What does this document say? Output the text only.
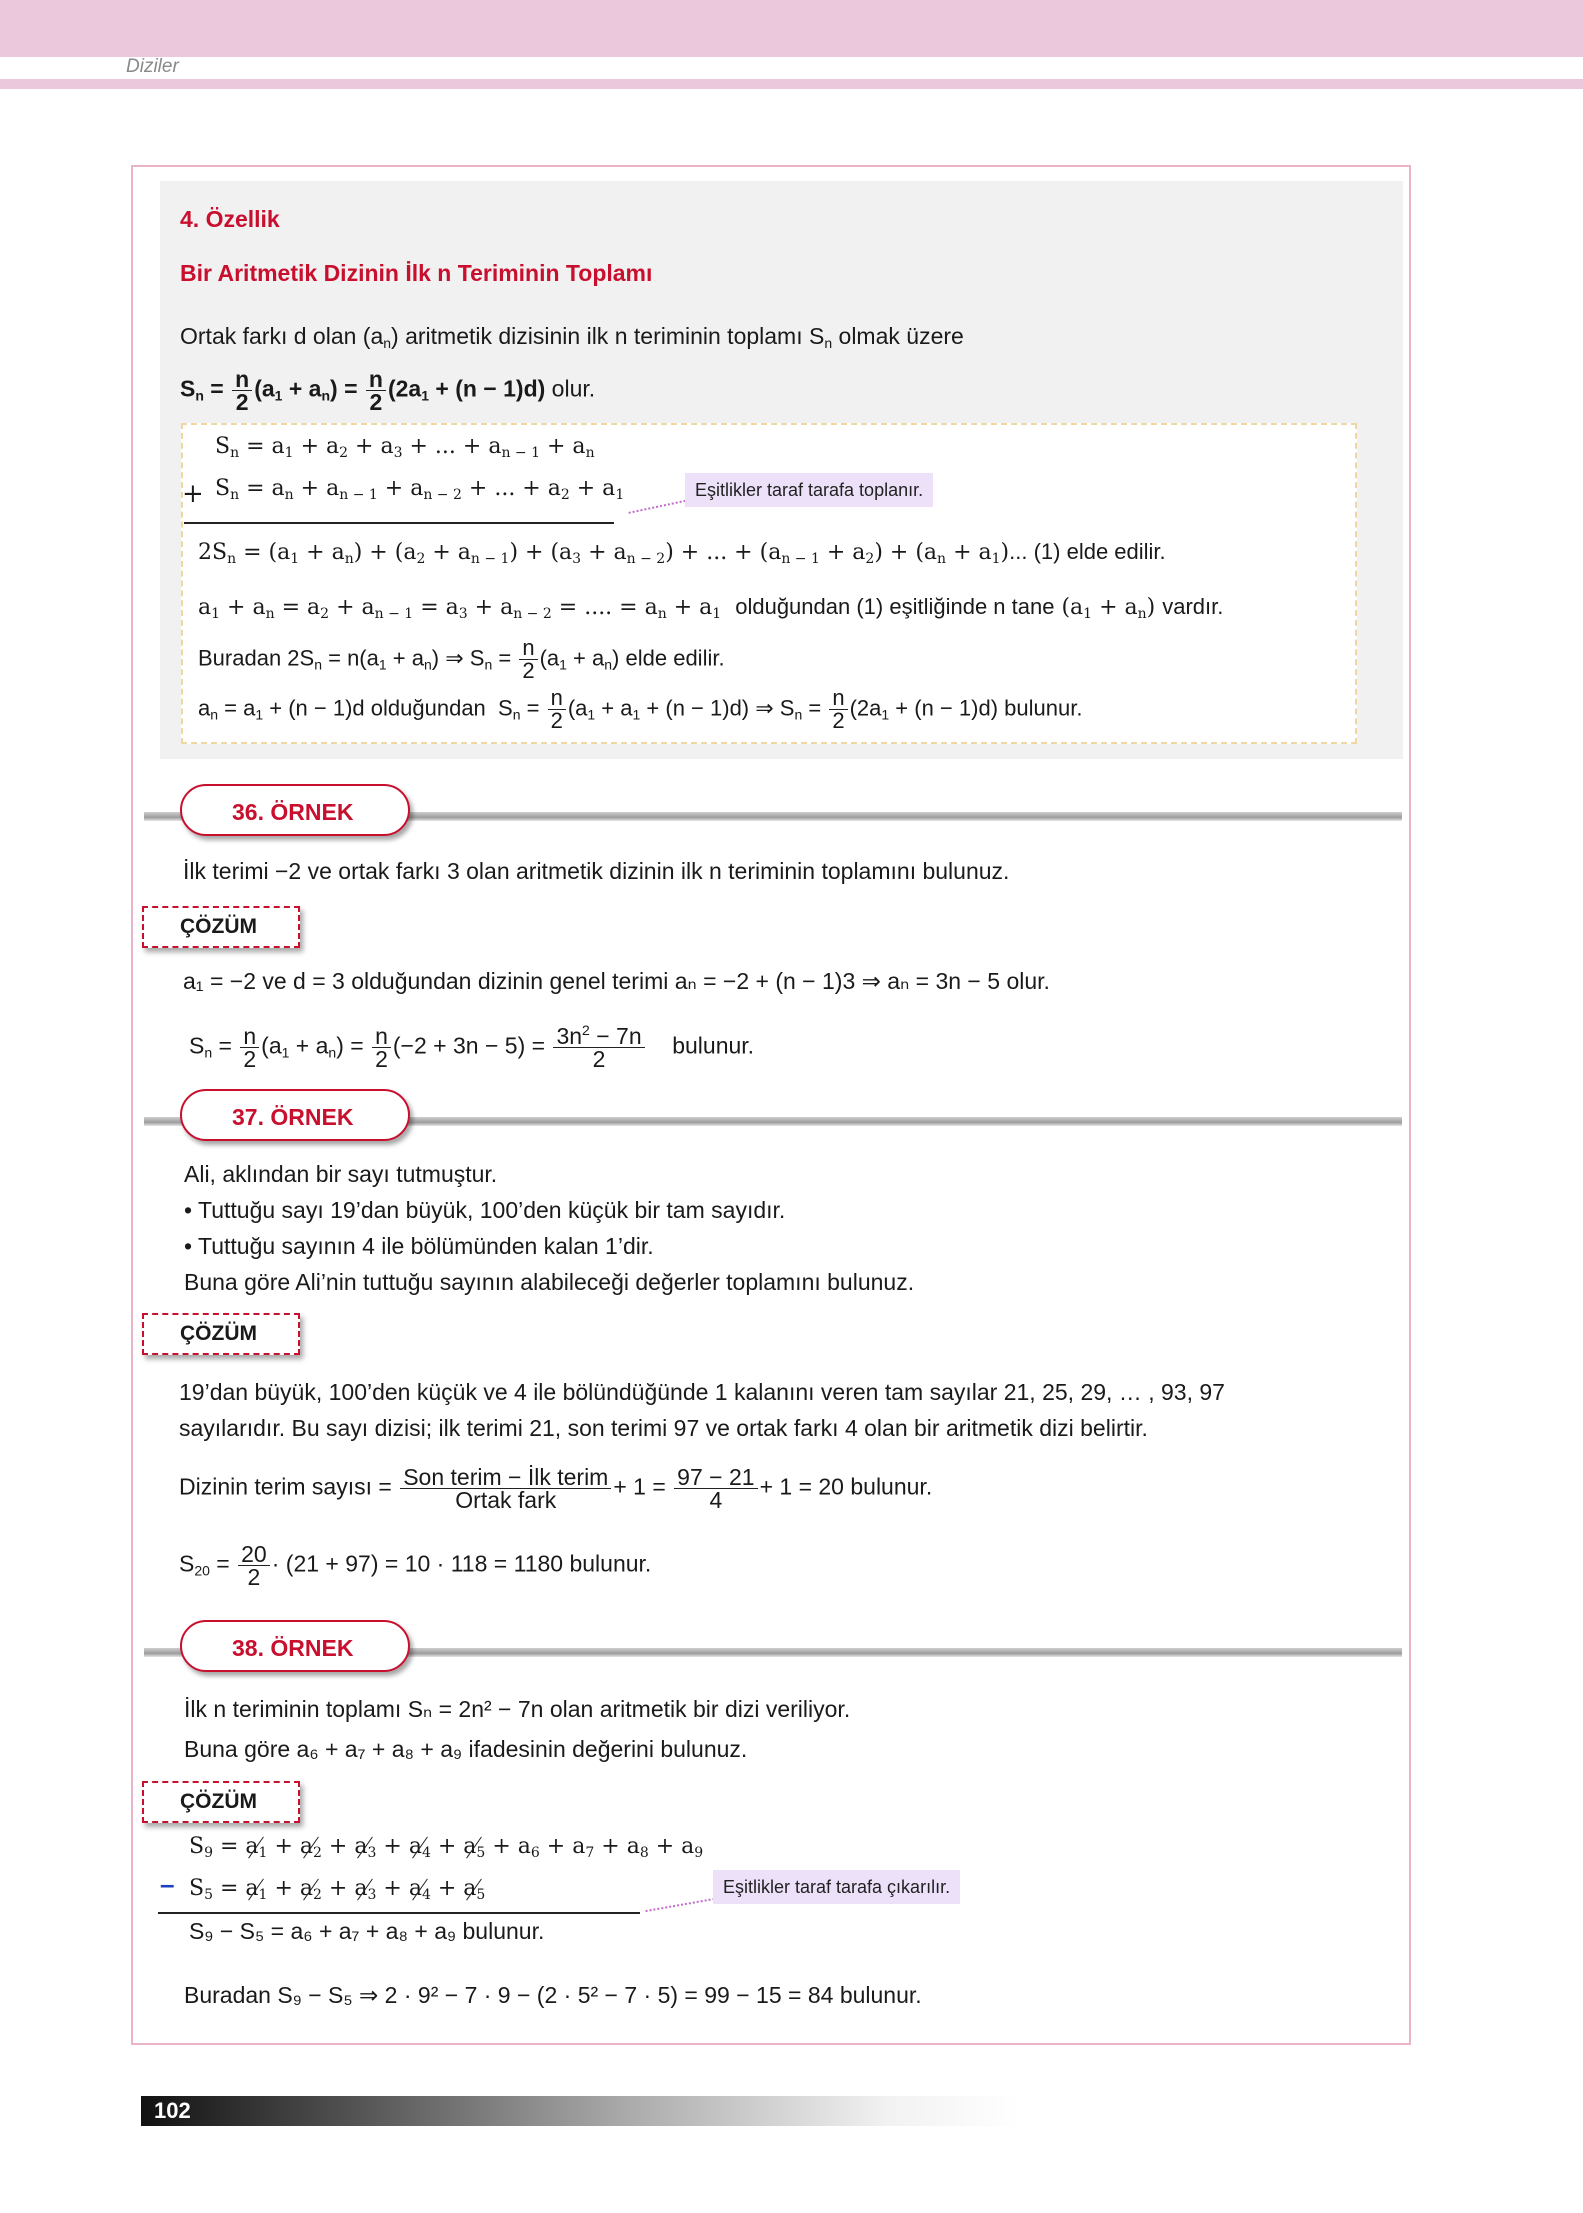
Diziler
4. Özellik
Bir Aritmetik Dizinin İlk n Teriminin Toplamı
Ortak farkı d olan $(a_n)$ aritmetik dizisinin ilk n teriminin toplamı $S_n$ olmak üzere
$S_n = \frac{n}{2} (a_1 + a_n) = \frac{n}{2} (2a_1 + (n - 1)d)$ olur.
$S_n = a_1 + a_2 + a_3$ + ... + $a_{n - 1} + a_n$
+ $S_n = a_n + a_{n - 1} + a_{n - 2}$ + ... + $a_2 + a_1$	Eşitlikler taraf tarafa toplanır.
$2S_n = (a_1 + a_n) + (a_2 + a_{n - 1}) + (a_3 + a_{n - 2})$ + ... + $(a_{n - 1} + a_2) + (a_n + a_1)$... (1) elde edilir.
$a_1 + a_n = a_2 + a_{n - 1} = a_3 + a_{n - 2}$ = .... = $a_n + a_1$ olduğundan (1) eşitliğinde n tane $(a_1 + a_n)$ vardır.
Buradan $2S_n = n(a_1 + a_n)$ ⇒ $S_n = \frac{n}{2} (a_1 + a_n)$ elde edilir.
$a_n = a_1 + (n - 1)d$ olduğundan  $S_n = \frac{n}{2} (a_1 + a_1 + (n - 1)d)$ ⇒ $S_n = \frac{n}{2} (2a_1 + (n - 1)d)$ bulunur.
36. ÖRNEK
İlk terimi −2 ve ortak farkı 3 olan aritmetik dizinin ilk n teriminin toplamını bulunuz.
ÇÖZÜM
a₁ = −2 ve d = 3 olduğundan dizinin genel terimi aₙ = −2 + (n − 1)3 ⇒ aₙ = 3n − 5 olur.
$S_n = \frac{n}{2} (a_1 + a_n) = \frac{n}{2} (-2 + 3n - 5) = \frac{3n^2 - 7n}{2}$ bulunur.
37. ÖRNEK
Ali, aklından bir sayı tutmuştur.
• Tuttuğu sayı 19’dan büyük, 100’den küçük bir tam sayıdır.
• Tuttuğu sayının 4 ile bölümünden kalan 1’dir.
Buna göre Ali’nin tuttuğu sayının alabileceği değerler toplamını bulunuz.
ÇÖZÜM
19’dan büyük, 100’den küçük ve 4 ile bölündüğünde 1 kalanını veren tam sayılar 21, 25, 29, … , 93, 97
sayılarıdır. Bu sayı dizisi; ilk terimi 21, son terimi 97 ve ortak farkı 4 olan bir aritmetik dizi belirtir.
Dizinin terim sayısı = $\frac{\text{Son terim − İlk terim}}{\text{Ortak fark}} + 1 = \frac{97 - 21}{4} + 1 = 20$ bulunur.
$S_{20} = \frac{20}{2} \cdot (21 + 97) = 10 \cdot 118 = 1180$ bulunur.
38. ÖRNEK
İlk n teriminin toplamı Sₙ = 2n² − 7n olan aritmetik bir dizi veriliyor.
Buna göre a₆ + a₇ + a₈ + a₉ ifadesinin değerini bulunuz.
ÇÖZÜM
$S_9 = a_1 + a_2 + a_3 + a_4 + a_5 + a_6 + a_7 + a_8 + a_9$
– $S_5 = a_1 + a_2 + a_3 + a_4 + a_5$	Eşitlikler taraf tarafa çıkarılır.
S₉ − S₅ = a₆ + a₇ + a₈ + a₉ bulunur.
Buradan S₉ − S₅ ⇒ 2 · 9² − 7 · 9 − (2 · 5² − 7 · 5) = 99 − 15 = 84 bulunur.
102
